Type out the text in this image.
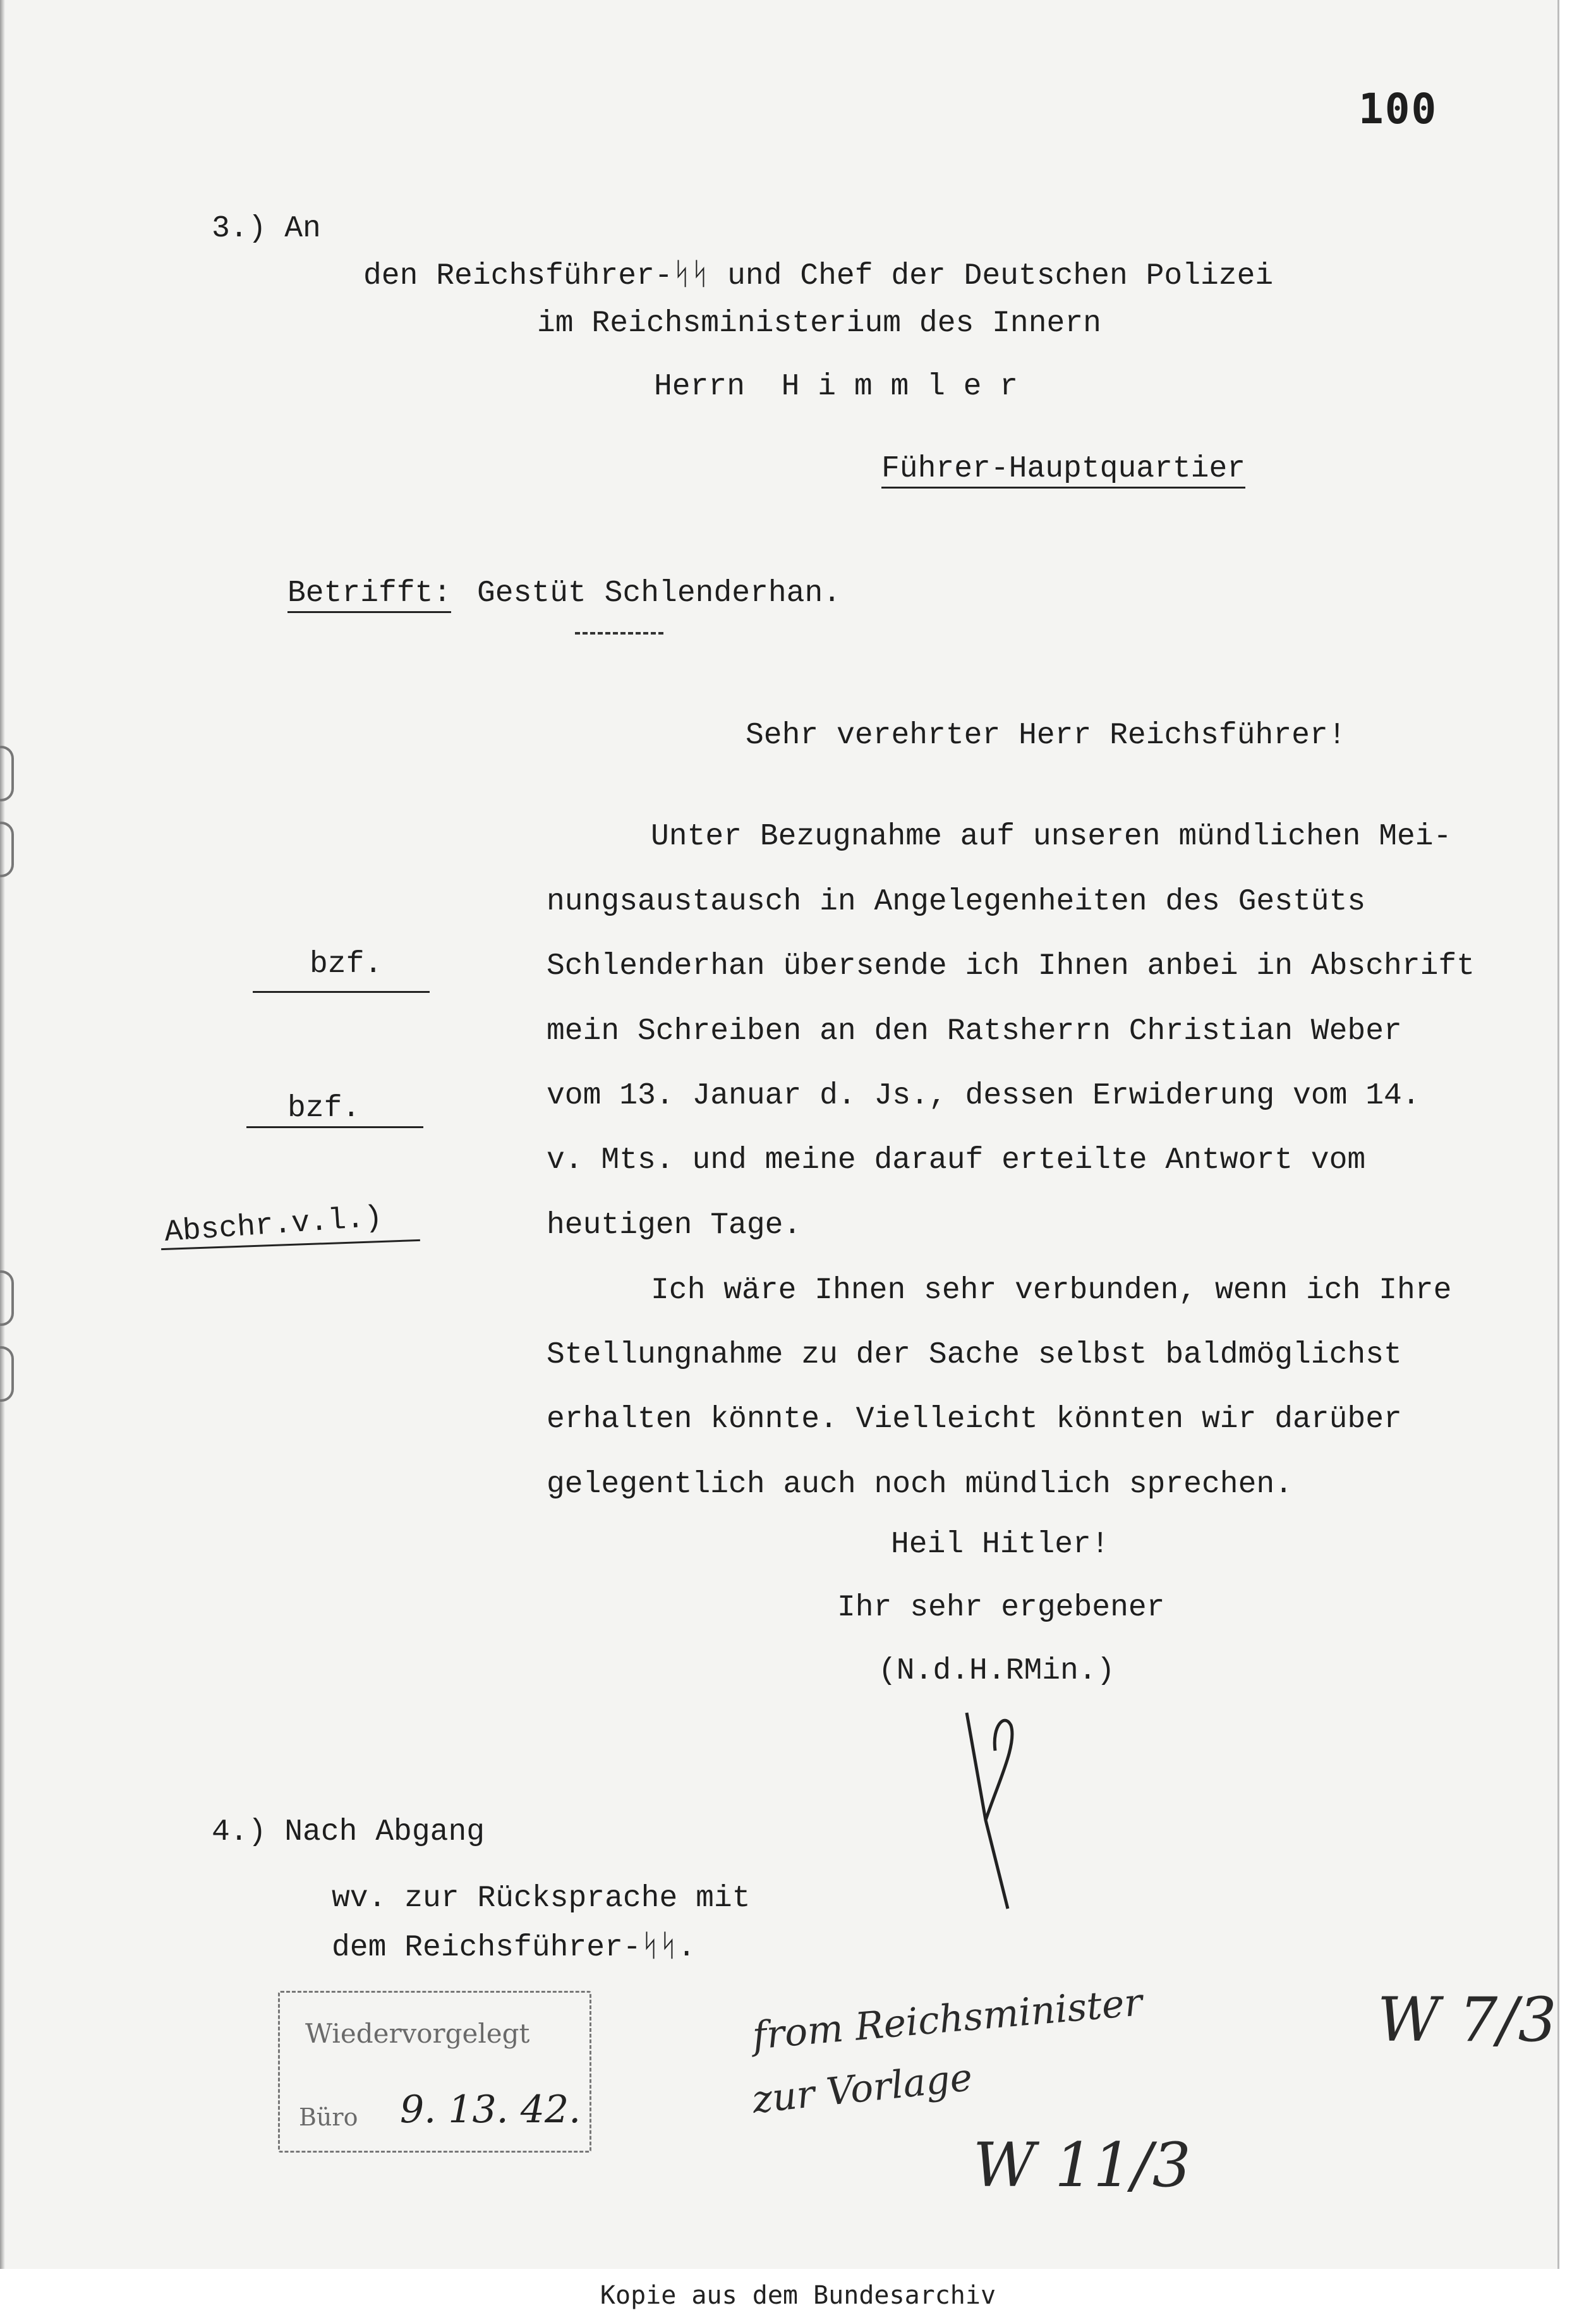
100
3.) An
den Reichsführer-ᛋᛋ und Chef der Deutschen Polizei
im Reichsministerium des Innern
Herrn  H i m m l e r
Führer-Hauptquartier
Betrifft: Gestüt Schlenderhan.
Sehr verehrter Herr Reichsführer!
Unter Bezugnahme auf unseren mündlichen Mei-
nungsaustausch in Angelegenheiten des Gestüts
Schlenderhan übersende ich Ihnen anbei in Abschrift
mein Schreiben an den Ratsherrn Christian Weber
vom 13. Januar d. Js., dessen Erwiderung vom 14.
v. Mts. und meine darauf erteilte Antwort vom
heutigen Tage.
Ich wäre Ihnen sehr verbunden, wenn ich Ihre
Stellungnahme zu der Sache selbst baldmöglichst
erhalten könnte. Vielleicht könnten wir darüber
gelegentlich auch noch mündlich sprechen.
Heil Hitler!
Ihr sehr ergebener
(N.d.H.RMin.)
bzf.
bzf.
Abschr.v.l.)
4.) Nach Abgang
wv. zur Rücksprache mit
dem Reichsführer-ᛋᛋ.
Wiedervorgelegt
Büro 9. 13. 42.
from Reichsminister
zur Vorlage
W 7/3
W 11/3
Kopie aus dem Bundesarchiv
